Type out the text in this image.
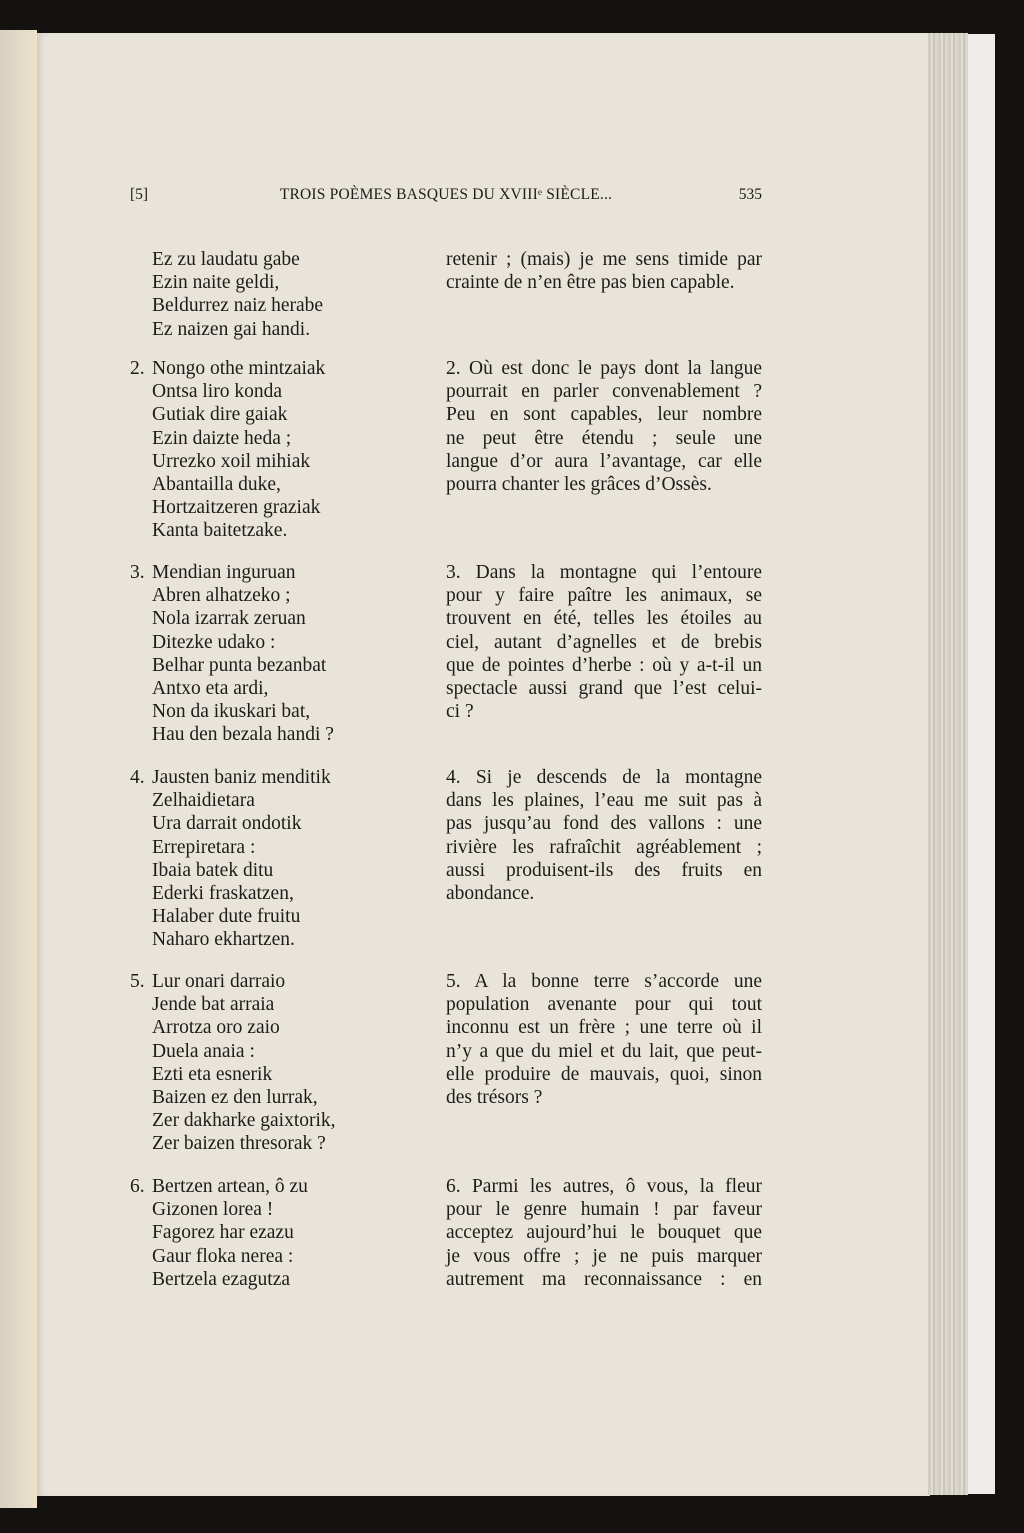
[5]	TROIS POÈMES BASQUES DU XVIIIᵉ SIÈCLE...	535
Ez zu laudatu gabe
Ezin naite geldi,
Beldurrez naiz herabe
Ez naizen gai handi.
retenir ; (mais) je me sens timide par
crainte de n’en être pas bien capable.
2. Nongo othe mintzaiak
Ontsa liro konda
Gutiak dire gaiak
Ezin daizte heda ;
Urrezko xoil mihiak
Abantailla duke,
Hortzaitzeren graziak
Kanta baitetzake.
2. Où est donc le pays dont la langue
pourrait en parler convenablement ?
Peu en sont capables, leur nombre
ne peut être étendu ; seule une
langue d’or aura l’avantage, car elle
pourra chanter les grâces d’Ossès.
3. Mendian inguruan
Abren alhatzeko ;
Nola izarrak zeruan
Ditezke udako :
Belhar punta bezanbat
Antxo eta ardi,
Non da ikuskari bat,
Hau den bezala handi ?
3. Dans la montagne qui l’entoure
pour y faire paître les animaux, se
trouvent en été, telles les étoiles au
ciel, autant d’agnelles et de brebis
que de pointes d’herbe : où y a-t-il un
spectacle aussi grand que l’est celui-
ci ?
4. Jausten baniz menditik
Zelhaidietara
Ura darrait ondotik
Errepiretara :
Ibaia batek ditu
Ederki fraskatzen,
Halaber dute fruitu
Naharo ekhartzen.
4. Si je descends de la montagne
dans les plaines, l’eau me suit pas à
pas jusqu’au fond des vallons : une
rivière les rafraîchit agréablement ;
aussi produisent-ils des fruits en
abondance.
5. Lur onari darraio
Jende bat arraia
Arrotza oro zaio
Duela anaia :
Ezti eta esnerik
Baizen ez den lurrak,
Zer dakharke gaixtorik,
Zer baizen thresorak ?
5. A la bonne terre s’accorde une
population avenante pour qui tout
inconnu est un frère ; une terre où il
n’y a que du miel et du lait, que peut-
elle produire de mauvais, quoi, sinon
des trésors ?
6. Bertzen artean, ô zu
Gizonen lorea !
Fagorez har ezazu
Gaur floka nerea :
Bertzela ezagutza
6. Parmi les autres, ô vous, la fleur
pour le genre humain ! par faveur
acceptez aujourd’hui le bouquet que
je vous offre ; je ne puis marquer
autrement ma reconnaissance : en
